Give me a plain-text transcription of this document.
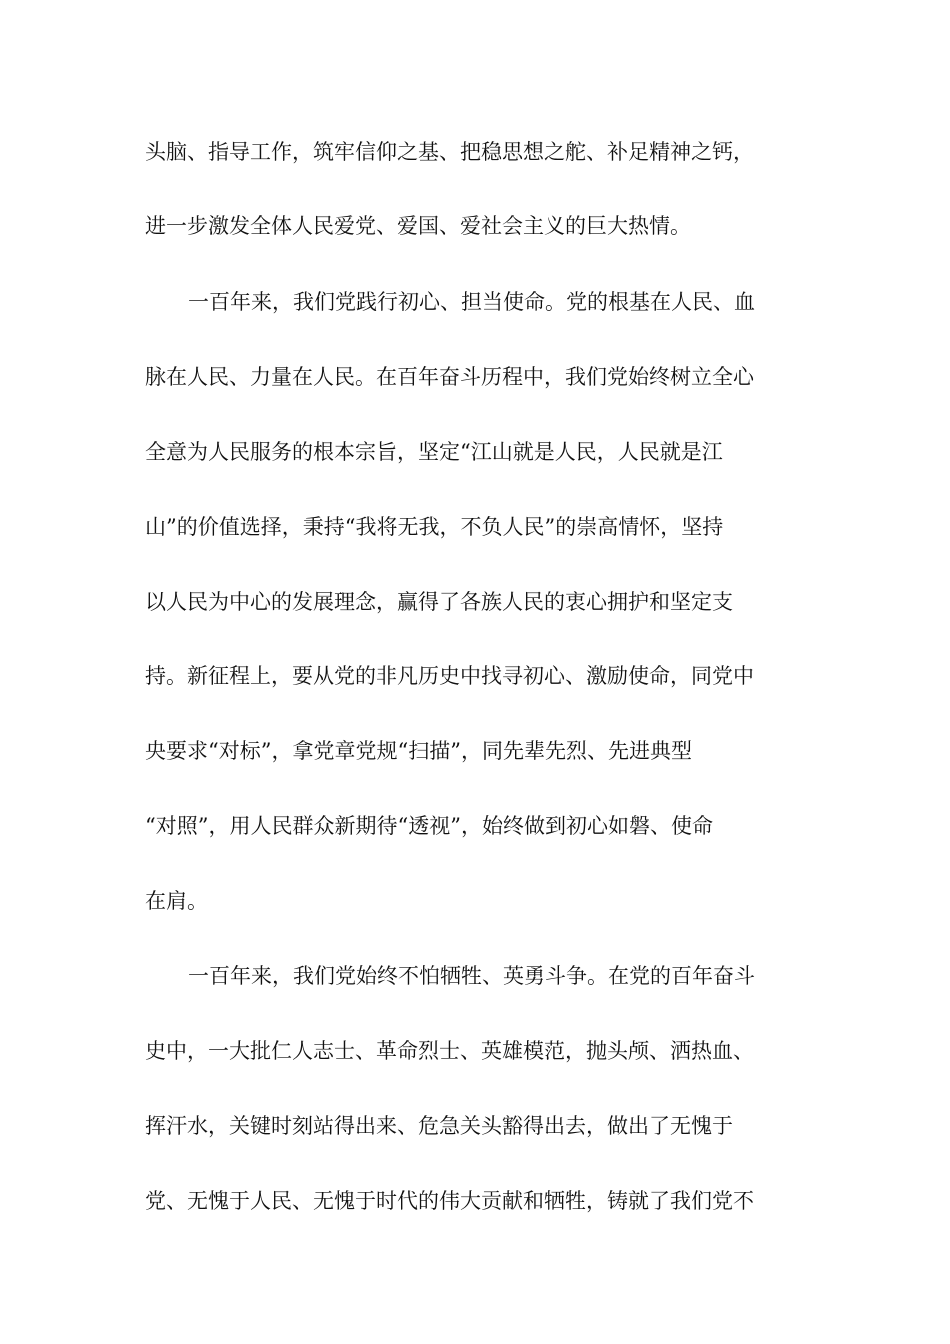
头脑、指导工作，筑牢信仰之基、把稳思想之舵、补足精神之钙，
进一步激发全体人民爱党、爱国、爱社会主义的巨大热情。
一百年来，我们党践行初心、担当使命。党的根基在人民、血
脉在人民、力量在人民。在百年奋斗历程中，我们党始终树立全心
全意为人民服务的根本宗旨，坚定“江山就是人民，人民就是江
山”的价值选择，秉持“我将无我，不负人民”的崇高情怀，坚持
以人民为中心的发展理念，赢得了各族人民的衷心拥护和坚定支
持。新征程上，要从党的非凡历史中找寻初心、激励使命，同党中
央要求“对标”，拿党章党规“扫描”，同先辈先烈、先进典型
“对照”，用人民群众新期待“透视”，始终做到初心如磐、使命
在肩。
一百年来，我们党始终不怕牺牲、英勇斗争。在党的百年奋斗
史中，一大批仁人志士、革命烈士、英雄模范，抛头颅、洒热血、
挥汗水，关键时刻站得出来、危急关头豁得出去，做出了无愧于
党、无愧于人民、无愧于时代的伟大贡献和牺牲，铸就了我们党不
